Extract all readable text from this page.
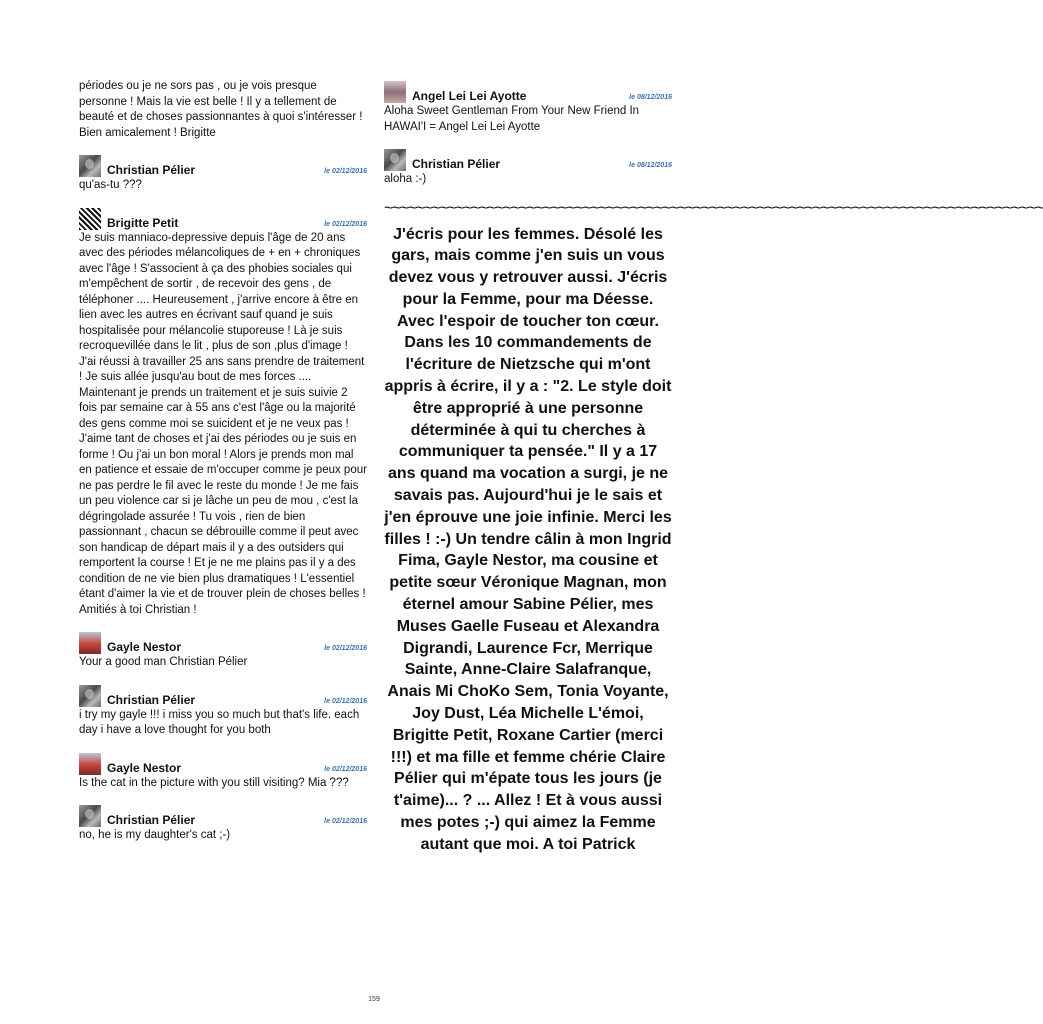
périodes ou je ne sors pas , ou je vois presque personne ! Mais la vie est belle ! Il y a tellement de beauté et de choses passionnantes à quoi s'intéresser ! Bien amicalement ! Brigitte

Christian Pélier	le 02/12/2016
qu'as-tu ???
Brigitte Petit	le 02/12/2016
Je suis manniaco-depressive depuis l'âge de 20 ans avec des périodes mélancoliques de + en + chroniques avec l'âge ! S'associent à ça des phobies sociales qui m'empêchent de sortir , de recevoir des gens , de téléphoner .... Heureusement , j'arrive encore à être en lien avec les autres en écrivant sauf quand je suis hospitalisée pour mélancolie stuporeuse ! Là je suis recroquevillée dans le lit , plus de son ,plus d'image ! J'ai réussi à travailler 25 ans sans prendre de traitement ! Je suis allée jusqu'au bout de mes forces .... Maintenant je prends un traitement et je suis suivie 2 fois par semaine car à 55 ans c'est l'âge ou la majorité des gens comme moi se suicident et je ne veux pas ! J'aime tant de choses et j'ai des périodes ou je suis en forme ! Ou j'ai un bon moral ! Alors je prends mon mal en patience et essaie de m'occuper comme je peux pour ne pas perdre le fil avec le reste du monde ! Je me fais un peu violence car si je lâche un peu de mou , c'est la dégringolade assurée ! Tu vois , rien de bien passionnant , chacun se débrouille comme il peut avec son handicap de départ mais il y a des outsiders qui remportent la course ! Et je ne me plains pas il y a des condition de ne vie bien plus dramatiques ! L'essentiel étant d'aimer la vie et de trouver plein de choses belles ! Amitiés à toi Christian !
Gayle Nestor	le 02/12/2016
Your a good man Christian Pélier
Christian Pélier	le 02/12/2016
i try my gayle !!! i miss you so much but that's life. each day i have a love thought for you both
Gayle Nestor	le 02/12/2016
Is the cat in the picture with you still visiting? Mia ???
Christian Pélier	le 02/12/2016
no, he is my daughter's cat ;-)
Angel Lei Lei Ayotte	le 08/12/2016
Aloha Sweet Gentleman From Your New Friend In HAWAI'I = Angel Lei Lei Ayotte
Christian Pélier	le 08/12/2016
aloha :-)
~~~~~~~~~~~~~~~~~~~~~~~~~~~~~~~~~~~~~~~~~~~~~~~~~~~~~~~~~~~~~~~~~~~~~~~~~~~~~~~~~~~
J'écris pour les femmes. Désolé les gars, mais comme j'en suis un vous devez vous y retrouver aussi. J'écris pour la Femme, pour ma Déesse. Avec l'espoir de toucher ton cœur. Dans les 10 commandements de l'écriture de Nietzsche qui m'ont appris à écrire, il y a : "2. Le style doit être approprié à une personne déterminée à qui tu cherches à communiquer ta pensée." Il y a 17 ans quand ma vocation a surgi, je ne savais pas. Aujourd'hui je le sais et j'en éprouve une joie infinie. Merci les filles ! :-) Un tendre câlin à mon Ingrid Fima, Gayle Nestor, ma cousine et petite sœur Véronique Magnan, mon éternel amour Sabine Pélier, mes Muses Gaelle Fuseau et Alexandra Digrandi, Laurence Fcr, Merrique Sainte, Anne-Claire Salafranque, Anais Mi ChoKo Sem, Tonia Voyante, Joy Dust, Léa Michelle L'émoi, Brigitte Petit, Roxane Cartier (merci !!!) et ma fille et femme chérie Claire Pélier qui m'épate tous les jours (je t'aime)... ? ... Allez ! Et à vous aussi mes potes ;-) qui aimez la Femme autant que moi. A toi Patrick
159
